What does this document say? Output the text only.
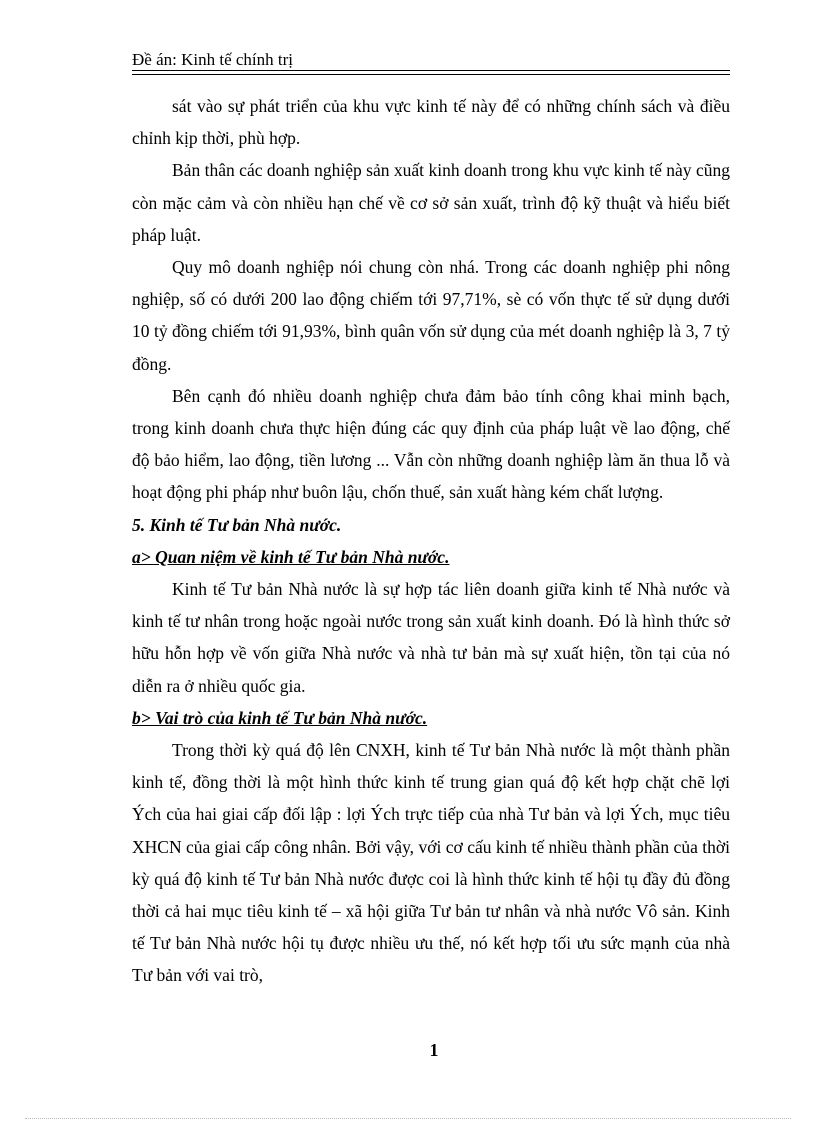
Đề án: Kinh tế chính trị

sát vào sự phát triển của khu vực kinh tế này để có những chính sách và điều chỉnh kịp thời, phù hợp.

Bản thân các doanh nghiệp sản xuất kinh doanh trong khu vực kinh tế này cũng còn mặc cảm và còn nhiều hạn chế về cơ sở sản xuất, trình độ kỹ thuật và hiểu biết pháp luật.

Quy mô doanh nghiệp nói chung còn nhá. Trong các doanh nghiệp phi nông nghiệp, số có dưới 200 lao động chiếm tới 97,71%, sè có vốn thực tế sử dụng dưới 10 tỷ đồng chiếm tới 91,93%, bình quân vốn sử dụng của mét doanh nghiệp là 3, 7 tỷ đồng.

Bên cạnh đó nhiều doanh nghiệp chưa đảm bảo tính công khai minh bạch, trong kinh doanh chưa thực hiện đúng các quy định của pháp luật về lao động, chế độ bảo hiểm, lao động, tiền lương ... Vẫn còn những doanh nghiệp làm ăn thua lỗ và hoạt động phi pháp như buôn lậu, chốn thuế, sản xuất hàng kém chất lượng.

5. Kinh tế Tư bản Nhà nước.

a> Quan niệm về kinh tế Tư bản Nhà nước.

Kinh tế Tư bản Nhà nước là sự hợp tác liên doanh giữa kinh tế Nhà nước và kinh tế tư nhân trong hoặc ngoài nước trong sản xuất kinh doanh. Đó là hình thức sở hữu hỗn hợp về vốn giữa Nhà nước và nhà tư bản mà sự xuất hiện, tồn tại của nó diễn ra ở nhiều quốc gia.

b> Vai trò của kinh tế Tư bản Nhà nước.

Trong thời kỳ quá độ lên CNXH, kinh tế Tư bản Nhà nước là một thành phần kinh tế, đồng thời là một hình thức kinh tế trung gian quá độ kết hợp chặt chẽ lợi Ých của hai giai cấp đối lập : lợi Ých trực tiếp của nhà Tư bản và lợi Ých, mục tiêu XHCN của giai cấp công nhân. Bởi vậy, với cơ cấu kinh tế nhiều thành phần của thời kỳ quá độ kinh tế Tư bản Nhà nước được coi là hình thức kinh tế hội tụ đầy đủ đồng thời cả hai mục tiêu kinh tế – xã hội giữa Tư bản tư nhân và nhà nước Vô sản. Kinh tế Tư bản Nhà nước hội tụ được nhiều ưu thế, nó kết hợp tối ưu sức mạnh của nhà Tư bản với vai trò,

1
